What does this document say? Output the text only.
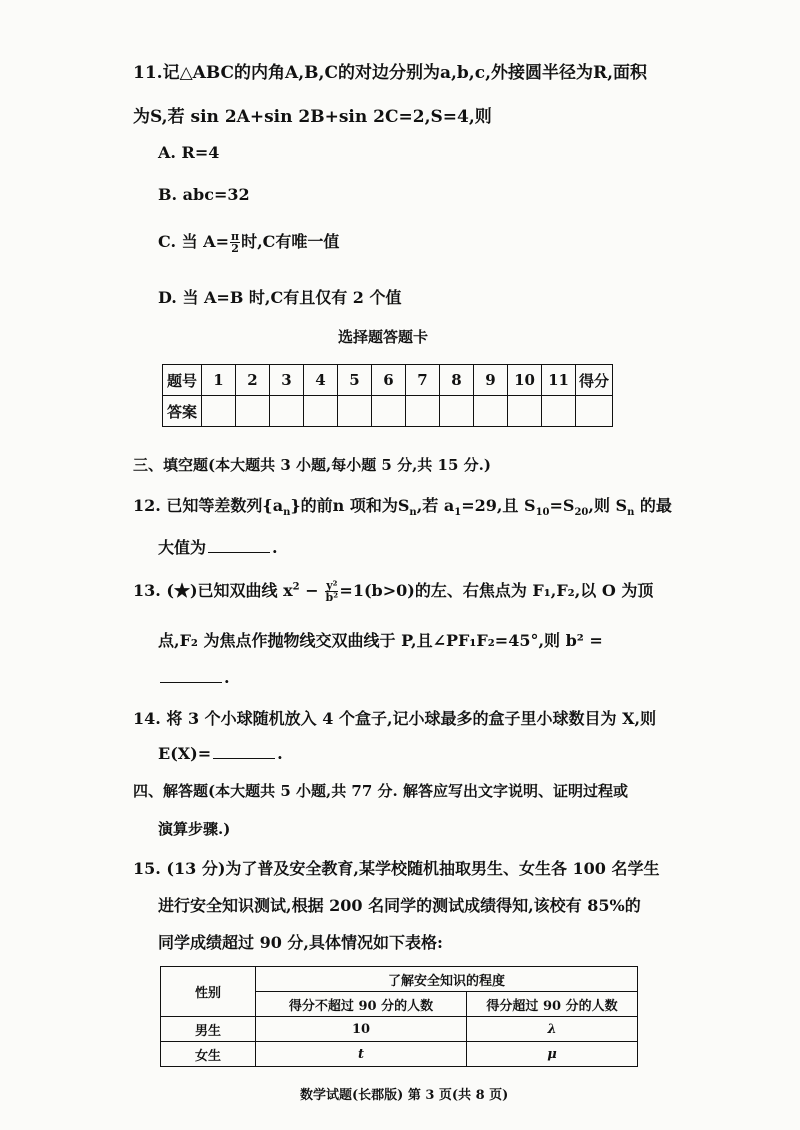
11.记△ABC的内角A,B,C的对边分别为a,b,c,外接圆半径为R,面积
为S,若 sin 2A+sin 2B+sin 2C=2,S=4,则
A. R=4
B. abc=32
C. 当 $A= \frac{\pi}{2}$ 时,C有唯一值
D. 当 A=B 时,C有且仅有 2 个值
选择题答题卡
题号	1	2	3	4	5	6	7	8	9	10	11	得分
答案												
三、填空题(本大题共 3 小题,每小题 5 分,共 15 分.)
12. 已知等差数列$\{a_n\}$的前n 项和为$S_n$,若 $a_1=29$,且 $S_{10}=S_{20}$,则 $S_n$ 的最
大值为	.
13. (★)已知双曲线 $x^2 - \frac{\text{y²}}{\text{b²}} =1(b>0)$的左、右焦点为 F₁,F₂,以 O 为顶
点,F₂ 为焦点作抛物线交双曲线于 P,且∠PF₁F₂=45°,则 b² =
.
14. 将 3 个小球随机放入 4 个盒子,记小球最多的盒子里小球数目为 X,则
E(X)=	.
四、解答题(本大题共 5 小题,共 77 分. 解答应写出文字说明、证明过程或
演算步骤.)
15. (13 分)为了普及安全教育,某学校随机抽取男生、女生各 100 名学生
进行安全知识测试,根据 200 名同学的测试成绩得知,该校有 85%的
同学成绩超过 90 分,具体情况如下表格:
性别	了解安全知识的程度	
	得分不超过 90 分的人数	得分超过 90 分的人数
男生	10	λ
女生	t	μ
数学试题(长郡版) 第 3 页(共 8 页)
